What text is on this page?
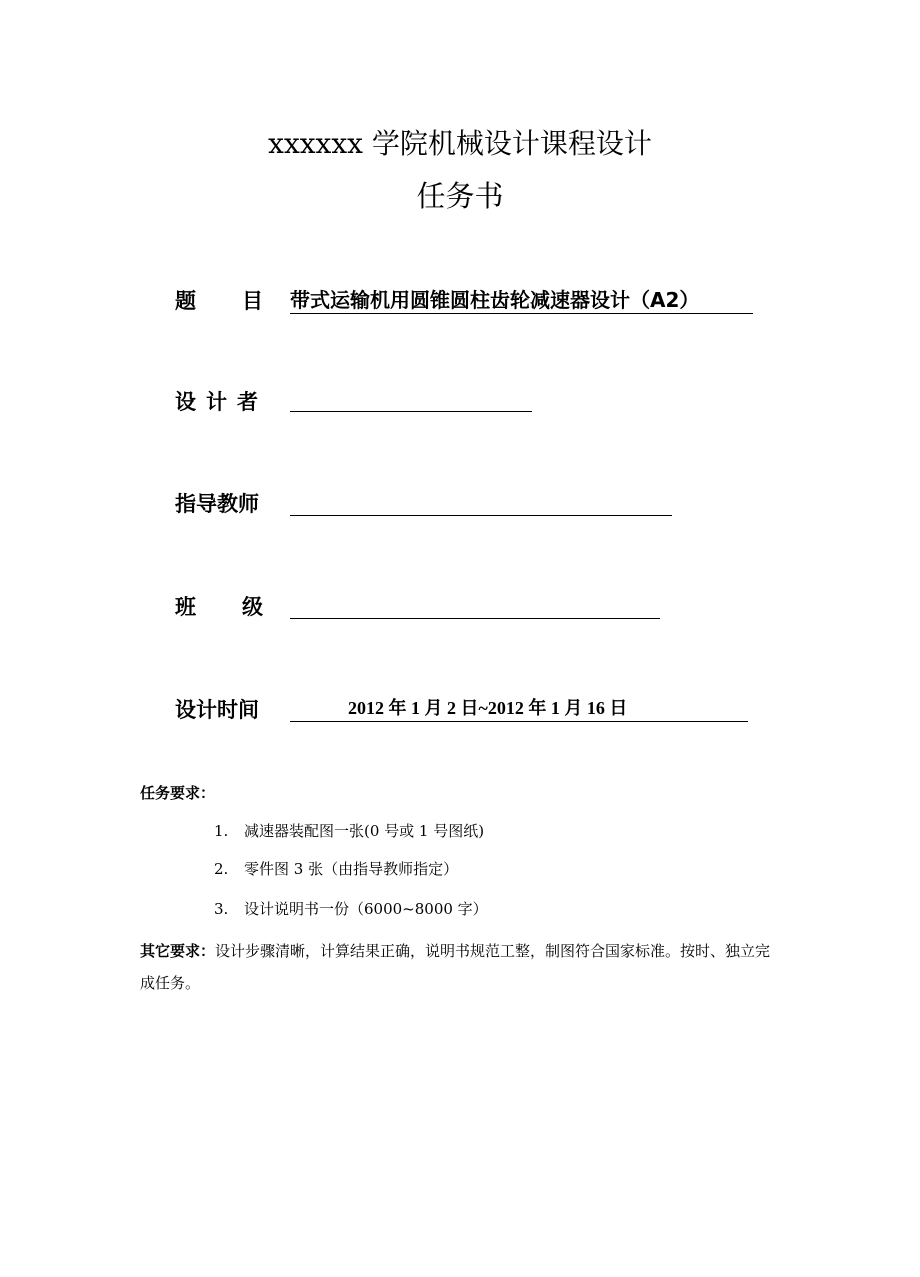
xxxxxx 学院机械设计课程设计
任务书
题目
带式运输机用圆锥圆柱齿轮减速器设计（A2）
设计者
指导教师
班级
设计时间	2012 年 1 月 2 日~2012 年 1 月 16 日
任务要求：
1. 减速器装配图一张(0 号或 1 号图纸)
2. 零件图 3 张（由指导教师指定）
3. 设计说明书一份（6000~8000 字）
其它要求：设计步骤清晰，计算结果正确，说明书规范工整，制图符合国家标准。按时、独立完成任务。
